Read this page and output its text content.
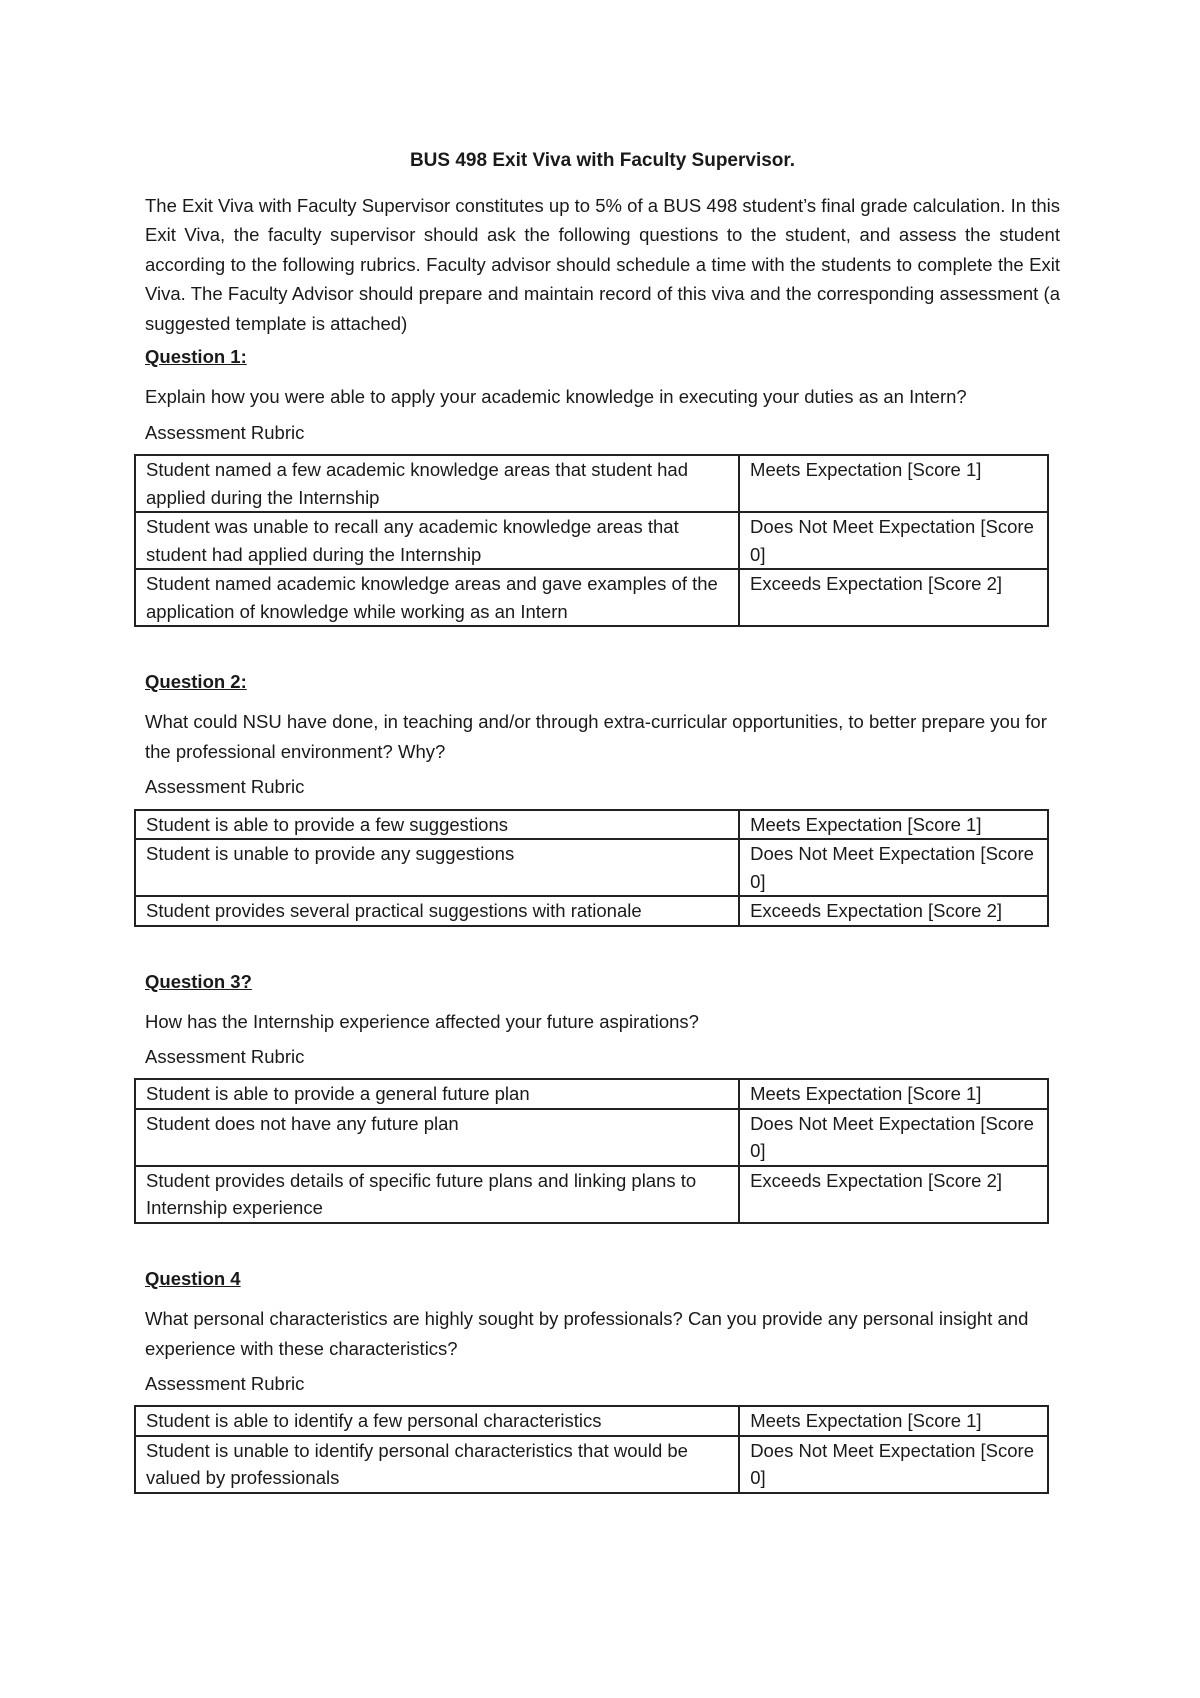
BUS 498 Exit Viva with Faculty Supervisor.

The Exit Viva with Faculty Supervisor constitutes up to 5% of a BUS 498 student’s final grade calculation. In this Exit Viva, the faculty supervisor should ask the following questions to the student, and assess the student according to the following rubrics. Faculty advisor should schedule a time with the students to complete the Exit Viva. The Faculty Advisor should prepare and maintain record of this viva and the corresponding assessment (a suggested template is attached)

Question 1:
Explain how you were able to apply your academic knowledge in executing your duties as an Intern?
Assessment Rubric
Student named a few academic knowledge areas that student had applied during the Internship	Meets Expectation [Score 1]
Student was unable to recall any academic knowledge areas that student had applied during the Internship	Does Not Meet Expectation [Score 0]
Student named academic knowledge areas and gave examples of the application of knowledge while working as an Intern	Exceeds Expectation [Score 2]
Question 2:
What could NSU have done, in teaching and/or through extra-curricular opportunities, to better prepare you for the professional environment? Why?
Assessment Rubric
Student is able to provide a few suggestions	Meets Expectation [Score 1]
Student is unable to provide any suggestions	Does Not Meet Expectation [Score 0]
Student provides several practical suggestions with rationale	Exceeds Expectation [Score 2]
Question 3?
How has the Internship experience affected your future aspirations?
Assessment Rubric
Student is able to provide a general future plan	Meets Expectation [Score 1]
Student does not have any future plan	Does Not Meet Expectation [Score 0]
Student provides details of specific future plans and linking plans to Internship experience	Exceeds Expectation [Score 2]
Question 4
What personal characteristics are highly sought by professionals? Can you provide any personal insight and experience with these characteristics?
Assessment Rubric
Student is able to identify a few personal characteristics	Meets Expectation [Score 1]
Student is unable to identify personal characteristics that would be valued by professionals	Does Not Meet Expectation [Score 0]
